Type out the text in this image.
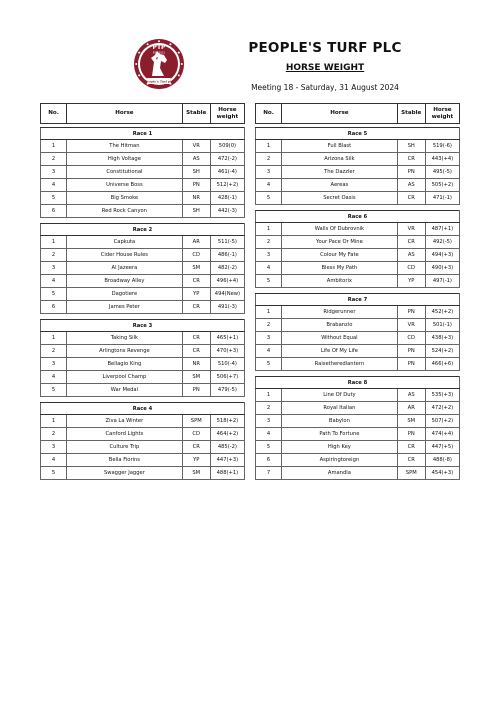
PTP
EST 2021
People's Turf plc
PEOPLE'S TURF PLC
HORSE WEIGHT
Meeting 18 - Saturday, 31 August 2024
No.	Horse	Stable	Horse
weight
No.	Horse	Stable	Horse
weight
Race 1			
1	The Hitman	VR	509(0)
2	High Voltage	AS	472(-2)
3	Constitutional	SH	461(-4)
4	Universe Boss	PN	512(+2)
5	Big Smoke	NR	428(-1)
6	Red Rock Canyon	SH	442(-3)

Race 2			
1	Capkuta	AR	511(-5)
2	Cider House Rules	CD	486(-1)
3	Al Jazeera	SM	482(-2)
4	Broadway Alley	CR	496(+4)
5	Dagotiere	YP	494(New)
6	James Peter	CR	491(-3)

Race 3			
1	Taking Silk	CR	465(+1)
2	Arlingtons Revenge	CR	470(+3)
3	Bellagio King	NR	510(-4)
4	Liverpool Champ	SM	506(+7)
5	War Medal	PN	479(-5)

Race 4			
1	Ziva La Winter	SPM	518(+2)
2	Canford Lights	CD	464(+2)
3	Culture Trip	CR	485(-2)
4	Bella Fiorins	YP	447(+3)
5	Swagger Jagger	SM	488(+1)
Race 5			
1	Full Blast	SH	519(-6)
2	Arizona Silk	CR	443(+4)
3	The Dazzler	PN	495(-5)
4	Aereas	AS	505(+2)
5	Secret Oasis	CR	471(-1)

Race 6			
1	Walls Of Dubrovnik	VR	487(+1)
2	Your Pace Or Mine	CR	492(-5)
3	Colour My Fate	AS	494(+3)
4	Bless My Path	CD	490(+3)
5	Ambitorix	YP	497(-1)

Race 7			
1	Ridgerunner	PN	452(+2)
2	Brabanzio	VR	501(-1)
3	Without Equal	CD	438(+3)
4	Life Of My Life	PN	524(+2)
5	Raisetheredlantern	PN	466(+6)

Race 8			
1	Line Of Duty	AS	535(+3)
2	Royal Italian	AR	472(+2)
3	Babylon	SM	507(+2)
4	Path To Fortune	PN	474(+4)
5	High Key	CR	447(+5)
6	Aspiringtoreign	CR	488(-8)
7	Amandla	SPM	454(+3)
